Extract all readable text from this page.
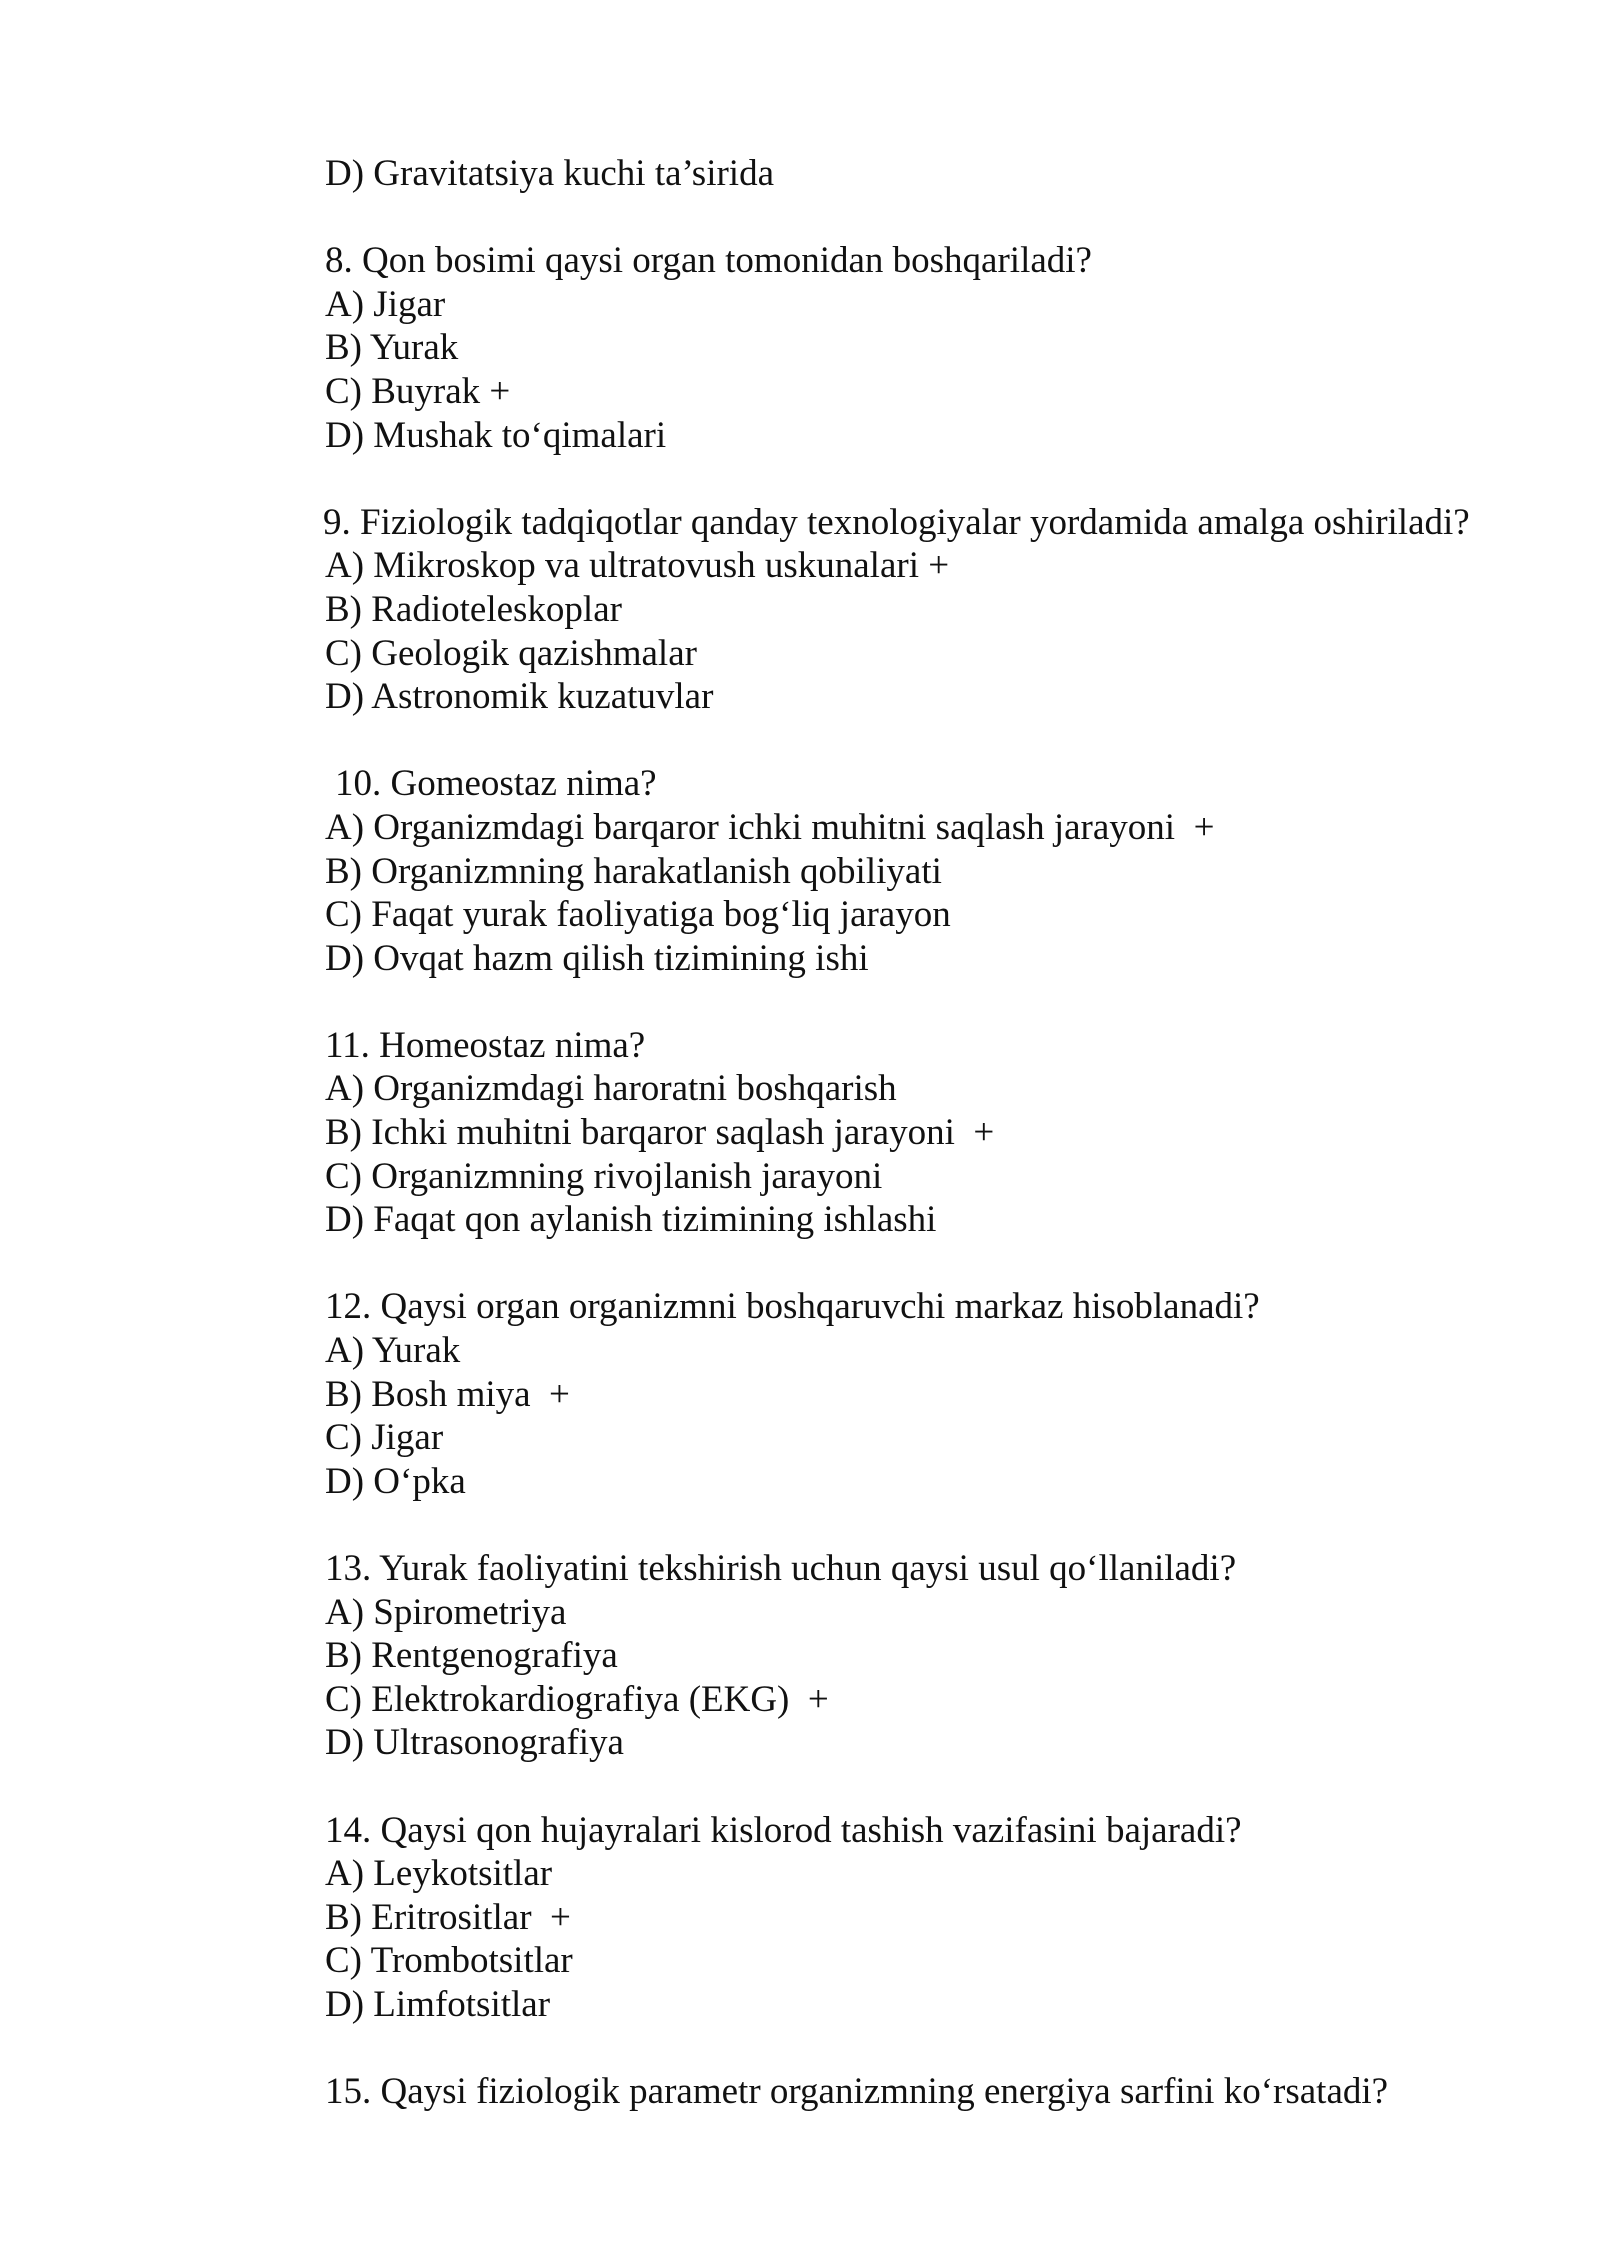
D) Gravitatsiya kuchi ta’sirida
8. Qon bosimi qaysi organ tomonidan boshqariladi?
A) Jigar
B) Yurak
C) Buyrak +
D) Mushak to‘qimalari
9. Fiziologik tadqiqotlar qanday texnologiyalar yordamida amalga oshiriladi?
A) Mikroskop va ultratovush uskunalari +
B) Radioteleskoplar
C) Geologik qazishmalar
D) Astronomik kuzatuvlar
10. Gomeostaz nima?
A) Organizmdagi barqaror ichki muhitni saqlash jarayoni  +
B) Organizmning harakatlanish qobiliyati
C) Faqat yurak faoliyatiga bog‘liq jarayon
D) Ovqat hazm qilish tizimining ishi
11. Homeostaz nima?
A) Organizmdagi haroratni boshqarish
B) Ichki muhitni barqaror saqlash jarayoni  +
C) Organizmning rivojlanish jarayoni
D) Faqat qon aylanish tizimining ishlashi
12. Qaysi organ organizmni boshqaruvchi markaz hisoblanadi?
A) Yurak
B) Bosh miya  +
C) Jigar
D) O‘pka
13. Yurak faoliyatini tekshirish uchun qaysi usul qo‘llaniladi?
A) Spirometriya
B) Rentgenografiya
C) Elektrokardiografiya (EKG)  +
D) Ultrasonografiya
14. Qaysi qon hujayralari kislorod tashish vazifasini bajaradi?
A) Leykotsitlar
B) Eritrositlar  +
C) Trombotsitlar
D) Limfotsitlar
15. Qaysi fiziologik parametr organizmning energiya sarfini ko‘rsatadi?
